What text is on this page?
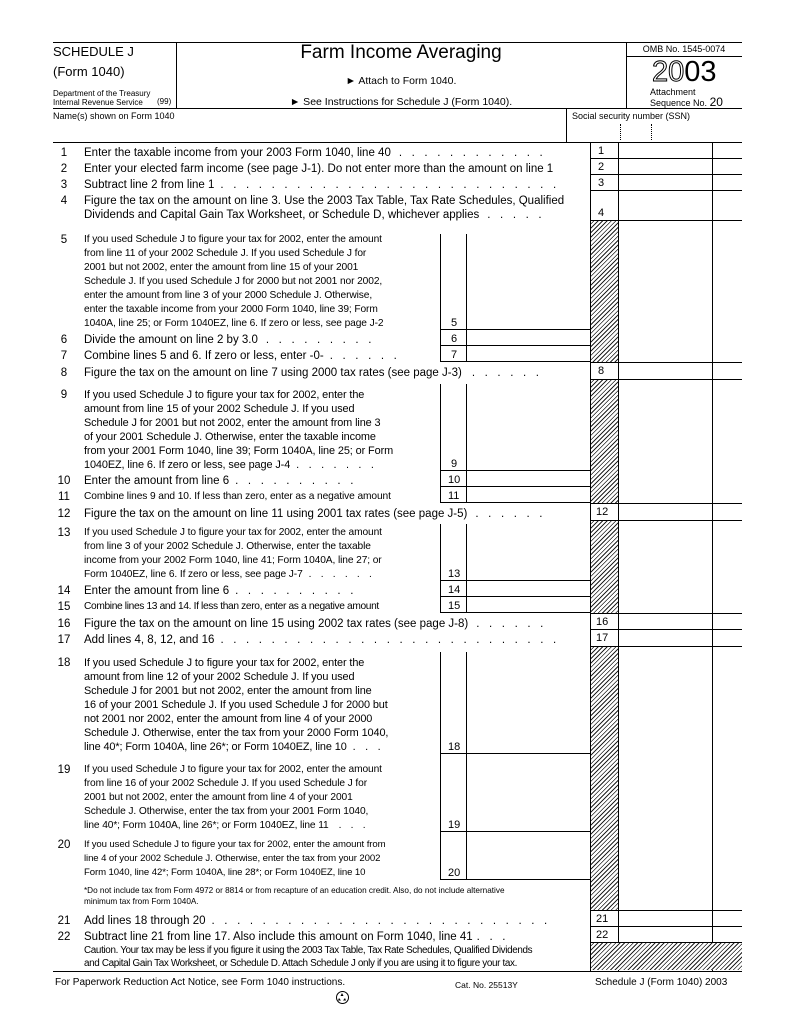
SCHEDULE J
(Form 1040)
Department of the Treasury
Internal Revenue Service (99)
Farm Income Averaging
► Attach to Form 1040.
► See Instructions for Schedule J (Form 1040).
OMB No. 1545-0074
2003
Attachment
Sequence No. 20
Name(s) shown on Form 1040	Social security number (SSN)
1
2
3
4
8
12
16
17
21
22
5
6
7
9
10
11
13
14
15
18
19
20
1	Enter the taxable income from your 2003 Form 1040, line 40 . . . . . . . . . . . .
2	Enter your elected farm income (see page J-1). Do not enter more than the amount on line 1
3	Subtract line 2 from line 1 . . . . . . . . . . . . . . . . . . . . . . . . . . .
4	Figure the tax on the amount on line 3. Use the 2003 Tax Table, Tax Rate Schedules, Qualified
Dividends and Capital Gain Tax Worksheet, or Schedule D, whichever applies . . . . .
5	If you used Schedule J to figure your tax for 2002, enter the amount
from line 11 of your 2002 Schedule J. If you used Schedule J for
2001 but not 2002, enter the amount from line 15 of your 2001
Schedule J. If you used Schedule J for 2000 but not 2001 nor 2002,
enter the amount from line 3 of your 2000 Schedule J. Otherwise,
enter the taxable income from your 2000 Form 1040, line 39; Form
1040A, line 25; or Form 1040EZ, line 6. If zero or less, see page J-2
6	Divide the amount on line 2 by 3.0 . . . . . . . . .
7	Combine lines 5 and 6. If zero or less, enter -0- . . . . . .
8	Figure the tax on the amount on line 7 using 2000 tax rates (see page J-3) . . . . . .
9	If you used Schedule J to figure your tax for 2002, enter the
amount from line 15 of your 2002 Schedule J. If you used
Schedule J for 2001 but not 2002, enter the amount from line 3
of your 2001 Schedule J. Otherwise, enter the taxable income
from your 2001 Form 1040, line 39; Form 1040A, line 25; or Form
1040EZ, line 6. If zero or less, see page J-4 . . . . . . .
10	Enter the amount from line 6 . . . . . . . . . .
11	Combine lines 9 and 10. If less than zero, enter as a negative amount
12	Figure the tax on the amount on line 11 using 2001 tax rates (see page J-5) . . . . . .
13	If you used Schedule J to figure your tax for 2002, enter the amount
from line 3 of your 2002 Schedule J. Otherwise, enter the taxable
income from your 2002 Form 1040, line 41; Form 1040A, line 27; or
Form 1040EZ, line 6. If zero or less, see page J-7 . . . . . .
14	Enter the amount from line 6 . . . . . . . . . .
15	Combine lines 13 and 14. If less than zero, enter as a negative amount
16	Figure the tax on the amount on line 15 using 2002 tax rates (see page J-8) . . . . . .
17	Add lines 4, 8, 12, and 16 . . . . . . . . . . . . . . . . . . . . . . . . . . .
18	If you used Schedule J to figure your tax for 2002, enter the
amount from line 12 of your 2002 Schedule J. If you used
Schedule J for 2001 but not 2002, enter the amount from line
16 of your 2001 Schedule J. If you used Schedule J for 2000 but
not 2001 nor 2002, enter the amount from line 4 of your 2000
Schedule J. Otherwise, enter the tax from your 2000 Form 1040,
line 40*; Form 1040A, line 26*; or Form 1040EZ, line 10 . . .
19	If you used Schedule J to figure your tax for 2002, enter the amount
from line 16 of your 2002 Schedule J. If you used Schedule J for
2001 but not 2002, enter the amount from line 4 of your 2001
Schedule J. Otherwise, enter the tax from your 2001 Form 1040,
line 40*; Form 1040A, line 26*; or Form 1040EZ, line 11 . . .
20	If you used Schedule J to figure your tax for 2002, enter the amount from
line 4 of your 2002 Schedule J. Otherwise, enter the tax from your 2002
Form 1040, line 42*; Form 1040A, line 28*; or Form 1040EZ, line 10
*Do not include tax from Form 4972 or 8814 or from recapture of an education credit. Also, do not include alternative
minimum tax from Form 1040A.
21	Add lines 18 through 20 . . . . . . . . . . . . . . . . . . . . . . . . . . .
22	Subtract line 21 from line 17. Also include this amount on Form 1040, line 41 . . .
Caution. Your tax may be less if you figure it using the 2003 Tax Table, Tax Rate Schedules, Qualified Dividends
and Capital Gain Tax Worksheet, or Schedule D. Attach Schedule J only if you are using it to figure your tax.
For Paperwork Reduction Act Notice, see Form 1040 instructions.	Cat. No. 25513Y	Schedule J (Form 1040) 2003
